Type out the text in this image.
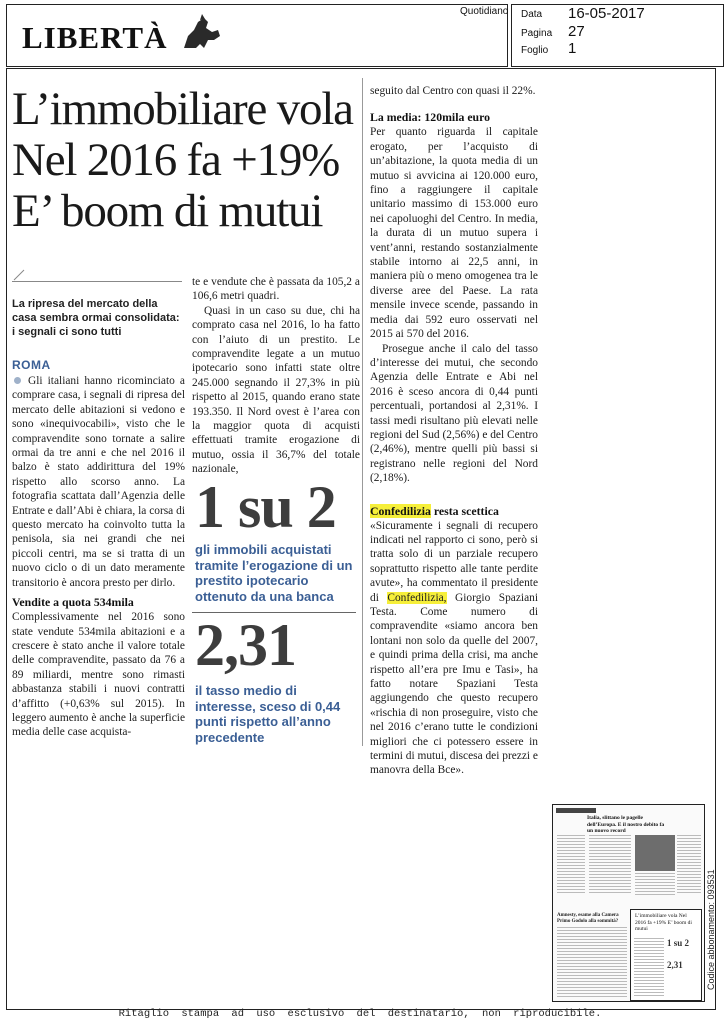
LIBERTÀ
Quotidiano Data 16-05-2017
Pagina 27
Foglio 1
L’immobiliare vola
Nel 2016 fa +19%
E’ boom di mutui
La ripresa del mercato della casa sembra ormai consolidata: i segnali ci sono tutti
ROMA

Gli italiani hanno ricominciato a comprare casa, i segnali di ripresa del mercato delle abitazioni si vedono e sono «inequivocabili», visto che le compravendite sono tornate a salire ormai da tre anni e che nel 2016 il balzo è stato addirittura del 19% rispetto allo scorso anno. La fotografia scattata dall’Agenzia delle Entrate e dall’Abi è chiara, la corsa di questo mercato ha coinvolto tutta la penisola, sia nei grandi che nei piccoli centri, ma se si tratta di un nuovo ciclo o di un dato meramente transitorio è ancora presto per dirlo.

Vendite a quota 534mila

Complessivamente nel 2016 sono state vendute 534mila abitazioni e a crescere è stato anche il valore totale delle compravendite, passato da 76 a 89 miliardi, mentre sono rimasti abbastanza stabili i nuovi contratti d’affitto (+0,63% sul 2015). In leggero aumento è anche la superficie media delle case acquista-

te e vendute che è passata da 105,2 a 106,6 metri quadri.

Quasi in un caso su due, chi ha comprato casa nel 2016, lo ha fatto con l’aiuto di un prestito. Le compravendite legate a un mutuo ipotecario sono infatti state oltre 245.000 segnando il 27,3% in più rispetto al 2015, quando erano state 193.350. Il Nord ovest è l’area con la maggior quota di acquisti effettuati tramite erogazione di mutuo, ossia il 36,7% del totale nazionale,

1 su 2
gli immobili acquistati tramite l’erogazione di un prestito ipotecario ottenuto da una banca
2,31
il tasso medio di interesse, sceso di 0,44 punti rispetto all’anno precedente

seguito dal Centro con quasi il 22%.

La media: 120mila euro

Per quanto riguarda il capitale erogato, per l’acquisto di un’abitazione, la quota media di un mutuo si avvicina ai 120.000 euro, fino a raggiungere il capitale unitario massimo di 153.000 euro nei capoluoghi del Centro. In media, la durata di un mutuo supera i vent’anni, restando sostanzialmente stabile intorno ai 22,5 anni, in maniera più o meno omogenea tra le diverse aree del Paese. La rata mensile invece scende, passando in media dai 592 euro osservati nel 2015 ai 570 del 2016.

Prosegue anche il calo del tasso d’interesse dei mutui, che secondo Agenzia delle Entrate e Abi nel 2016 è sceso ancora di 0,44 punti percentuali, portandosi al 2,31%. I tassi medi risultano più elevati nelle regioni del Sud (2,56%) e del Centro (2,46%), mentre quelli più bassi si registrano nelle regioni del Nord (2,18%).

Confedilizia resta scettica

«Sicuramente i segnali di recupero indicati nel rapporto ci sono, però si tratta solo di un parziale recupero soprattutto rispetto alle tante perdite avute», ha commentato il presidente di Confedilizia, Giorgio Spaziani Testa. Come numero di compravendite «siamo ancora ben lontani non solo da quelle del 2007, e quindi prima della crisi, ma anche rispetto all’era pre Imu e Tasi», ha fatto notare Spaziani Testa aggiungendo che questo recupero «rischia di non proseguire, visto che nel 2016 c’erano tutte le condizioni migliori che ci potessero essere in termini di mutui, discesa dei prezzi e manovra della Bce».

Italia, slittano le pagelle dell’Europa. E il nostro debito fa un nuovo record
Amnesty, esame alla Camera Primo Godolo alla sommità?
L’immobiliare vola Nel 2016 fa +19% E’ boom di mutui
1 su 2
2,31	Codice abbonamento: 093531
Ritaglio stampa ad uso esclusivo del destinatario, non riproducibile.
